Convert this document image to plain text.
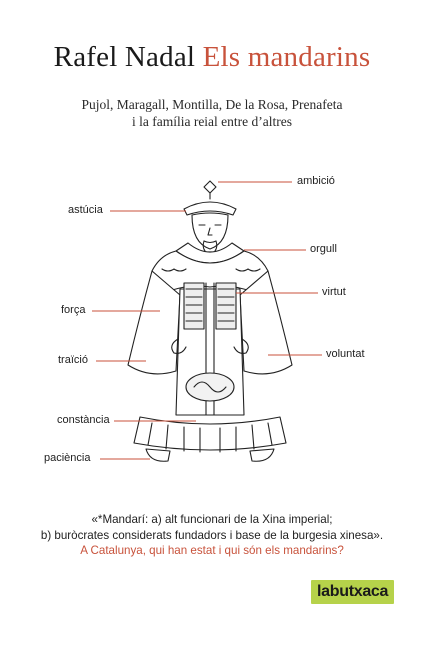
Rafel Nadal Els mandarins
Pujol, Maragall, Montilla, De la Rosa, Prenafeta
i la família reial entre d’altres
ambició
astúcia
orgull
virtut
força
voluntat
traïció
constància
paciència
«*Mandarí: a) alt funcionari de la Xina imperial;
b) buròcrates considerats fundadors i base de la burgesia xinesa».
A Catalunya, qui han estat i qui són els mandarins?
labutxaca
